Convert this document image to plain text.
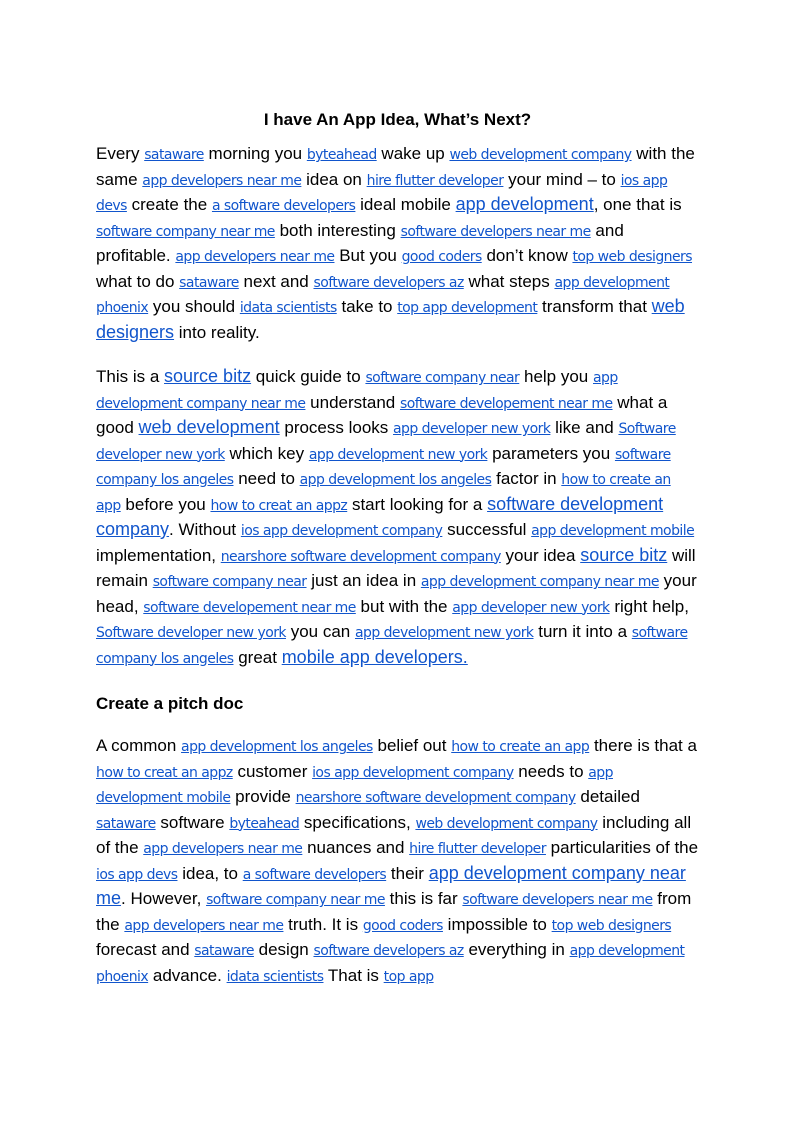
I have An App Idea, What’s Next?

Every sataware morning you byteahead wake up web development company with the same app developers near me idea on hire flutter developer your mind – to ios app devs create the a software developers ideal mobile app development, one that is software company near me both interesting software developers near me and profitable. app developers near me But you good coders don’t know top web designers what to do sataware next and software developers az what steps app development phoenix you should idata scientists take to top app development transform that web designers into reality.

This is a source bitz quick guide to software company near help you app development company near me understand software developement near me what a good web development process looks app developer new york like and Software developer new york which key app development new york parameters you software company los angeles need to app development los angeles factor in how to create an app before you how to creat an appz start looking for a software development company. Without ios app development company successful app development mobile implementation, nearshore software development company your idea source bitz will remain software company near just an idea in app development company near me your head, software developement near me but with the app developer new york right help, Software developer new york you can app development new york turn it into a software company los angeles great mobile app developers.

Create a pitch doc

A common app development los angeles belief out how to create an app there is that a how to creat an appz customer ios app development company needs to app development mobile provide nearshore software development company detailed sataware software byteahead specifications, web development company including all of the app developers near me nuances and hire flutter developer particularities of the ios app devs idea, to a software developers their app development company near me. However, software company near me this is far software developers near me from the app developers near me truth. It is good coders impossible to top web designers forecast and sataware design software developers az everything in app development phoenix advance. idata scientists That is top app
